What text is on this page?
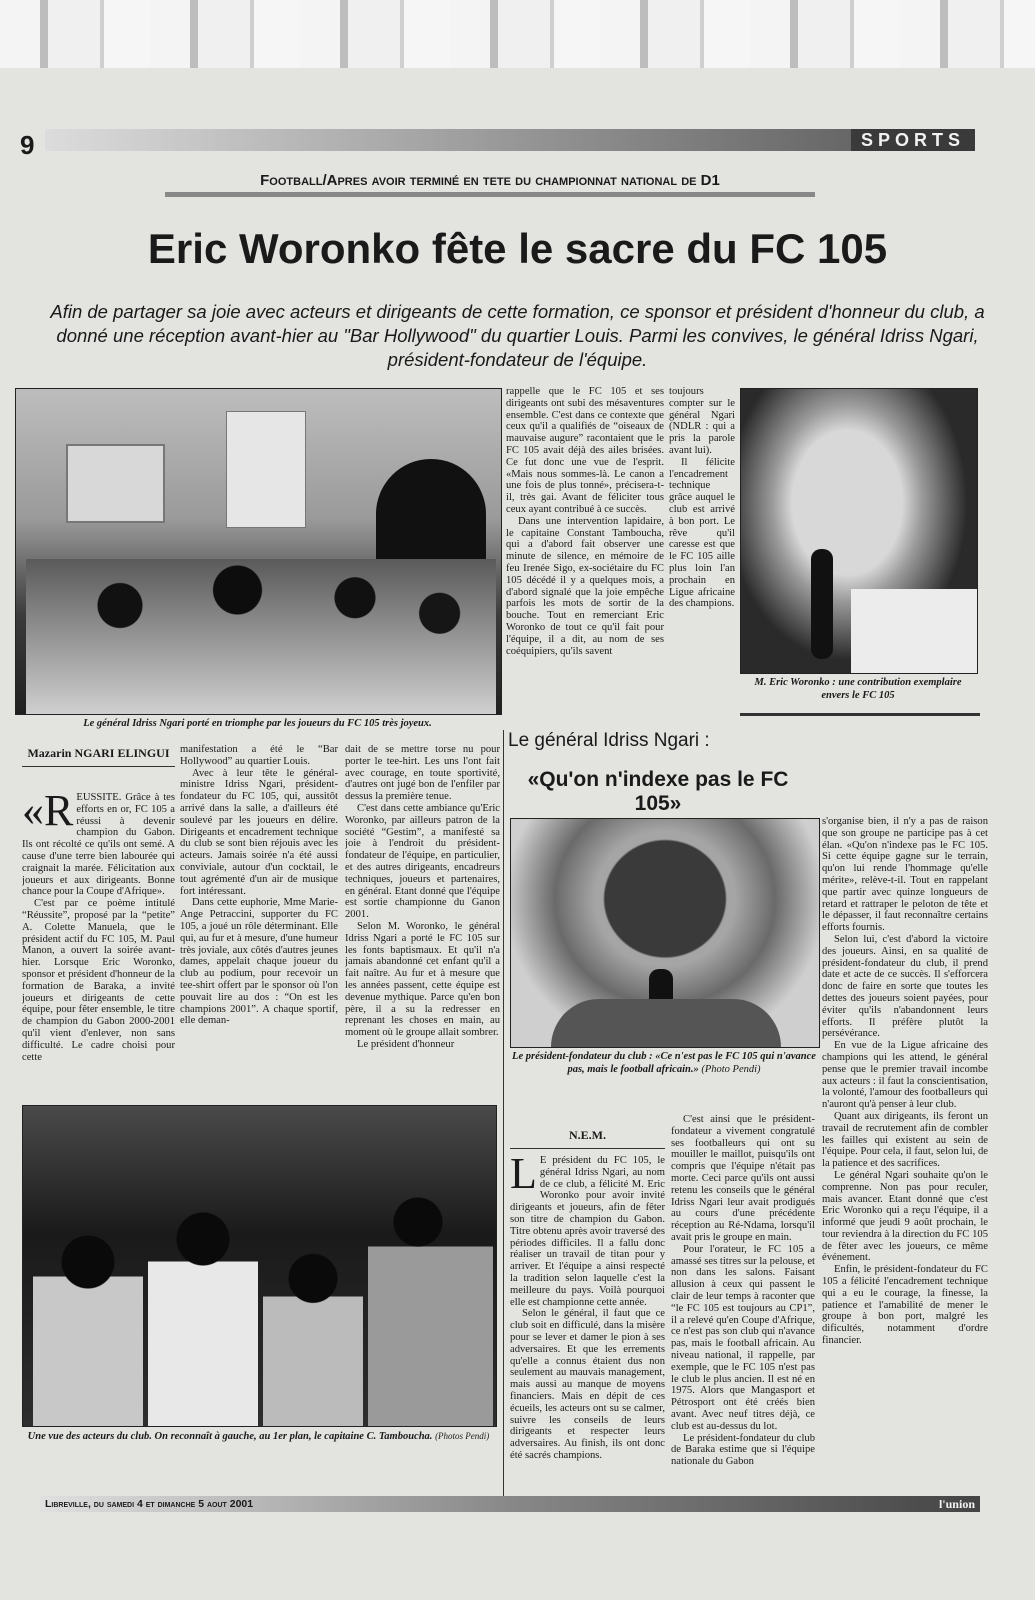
9	SPORTS
Football/Apres avoir terminé en tete du championnat national de D1
Eric Woronko fête le sacre du FC 105
Afin de partager sa joie avec acteurs et dirigeants de cette formation, ce sponsor et président d'honneur du club, a donné une réception avant-hier au "Bar Hollywood" du quartier Louis. Parmi les convives, le général Idriss Ngari, président-fondateur de l'équipe.
Le général Idriss Ngari porté en triomphe par les joueurs du FC 105 très joyeux.

rappelle que le FC 105 et ses dirigeants ont subi des mésaventures ensemble. C'est dans ce contexte que ceux qu'il a qualifiés de “oiseaux de mauvaise augure” racontaient que le FC 105 avait déjà des ailes brisées. Ce fut donc une vue de l'esprit. «Mais nous sommes-là. Le canon a une fois de plus tonné», précisera-t-il, très gai. Avant de féliciter tous ceux ayant contribué à ce succès.

Dans une intervention lapidaire, le capitaine Constant Tambouchа, qui a d'abord fait observer une minute de silence, en mémoire de feu Irenée Sigo, ex-sociétaire du FC 105 décédé il y a quelques mois, a d'abord signalé que la joie empêche parfois les mots de sortir de la bouche. Tout en remerciant Eric Woronko de tout ce qu'il fait pour l'équipe, il a dit, au nom de ses coéquipiers, qu'ils savent

toujours compter sur le général Ngari (NDLR : qui a pris la parole avant lui).

Il félicite l'encadrement technique grâce auquel le club est arrivé à bon port. Le rêve qu'il caresse est que le FC 105 aille plus loin l'an prochain en Ligue africaine des champions.

M. Eric Woronko : une contribution exemplaire envers le FC 105
Mazarin NGARI ELINGUI
«R EUSSITE. Grâce à tes efforts en or, FC 105 a réussi à devenir champion du Gabon. Ils ont récolté ce qu'ils ont semé. A cause d'une terre bien labourée qui craignait la marée. Félicitation aux joueurs et aux dirigeants. Bonne chance pour la Coupe d'Afrique».

C'est par ce poème intitulé “Réussite”, proposé par la “petite” A. Colette Manuela, que le président actif du FC 105, M. Paul Manon, a ouvert la soirée avant-hier. Lorsque Eric Woronko, sponsor et président d'honneur de la formation de Baraka, a invité joueurs et dirigeants de cette équipe, pour fêter ensemble, le titre de champion du Gabon 2000-2001 qu'il vient d'enlever, non sans difficulté. Le cadre choisi pour cette

manifestation a été le “Bar Hollywood” au quartier Louis.

Avec à leur tête le général-ministre Idriss Ngari, président-fondateur du FC 105, qui, aussitôt arrivé dans la salle, a d'ailleurs été soulevé par les joueurs en délire. Dirigeants et encadrement technique du club se sont bien réjouis avec les acteurs. Jamais soirée n'a été aussi conviviale, autour d'un cocktail, le tout agrémenté d'un air de musique fort intéressant.

Dans cette euphorie, Mme Marie-Ange Petraccini, supporter du FC 105, a joué un rôle déterminant. Elle qui, au fur et à mesure, d'une humeur très joviale, aux côtés d'autres jeunes dames, appelait chaque joueur du club au podium, pour recevoir un tee-shirt offert par le sponsor où l'on pouvait lire au dos : “On est les champions 2001”. A chaque sportif, elle deman-

dait de se mettre torse nu pour porter le tee-hirt. Les uns l'ont fait avec courage, en toute sportivité, d'autres ont jugé bon de l'enfiler par dessus la première tenue.

C'est dans cette ambiance qu'Eric Woronko, par ailleurs patron de la société “Gestim”, a manifesté sa joie à l'endroit du président-fondateur de l'équipe, en particulier, et des autres dirigeants, encadreurs techniques, joueurs et partenaires, en général. Etant donné que l'équipe est sortie championne du Ganon 2001.

Selon M. Woronko, le général Idriss Ngari a porté le FC 105 sur les fonts baptismaux. Et qu'il n'a jamais abandonné cet enfant qu'il a fait naître. Au fur et à mesure que les années passent, cette équipe est devenue mythique. Parce qu'en bon père, il a su la redresser en reprenant les choses en main, au moment où le groupe allait sombrer.

Le président d'honneur

Le général Idriss Ngari :
«Qu'on n'indexe pas le FC 105»
Le président-fondateur du club : «Ce n'est pas le FC 105 qui n'avance pas, mais le football africain.» (Photo Pendi)
N.E.M.
L E président du FC 105, le général Idriss Ngari, au nom de ce club, a félicité M. Eric Woronko pour avoir invité dirigeants et joueurs, afin de fêter son titre de champion du Gabon. Titre obtenu après avoir traversé des périodes difficiles. Il a fallu donc réaliser un travail de titan pour y arriver. Et l'équipe a ainsi respecté la tradition selon laquelle c'est la meilleure du pays. Voilà pourquoi elle est championne cette année.

Selon le général, il faut que ce club soit en difficulé, dans la misère pour se lever et damer le pion à ses adversaires. Et que les errements qu'elle a connus étaient dus non seulement au mauvais management, mais aussi au manque de moyens financiers. Mais en dépit de ces écueils, les acteurs ont su se calmer, suivre les conseils de leurs dirigeants et respecter leurs adversaires. Au finish, ils ont donc été sacrés champions.

C'est ainsi que le président-fondateur a vivement congratulé ses footballeurs qui ont su mouiller le maillot, puisqu'ils ont compris que l'équipe n'était pas morte. Ceci parce qu'ils ont aussi retenu les conseils que le général Idriss Ngari leur avait prodigués au cours d'une précédente réception au Ré-Ndama, lorsqu'il avait pris le groupe en main.

Pour l'orateur, le FC 105 a amassé ses titres sur la pelouse, et non dans les salons. Faisant allusion à ceux qui passent le clair de leur temps à raconter que “le FC 105 est toujours au CP1”, il a relevé qu'en Coupe d'Afrique, ce n'est pas son club qui n'avance pas, mais le football africain. Au niveau national, il rappelle, par exemple, que le FC 105 n'est pas le club le plus ancien. Il est né en 1975. Alors que Mangasport et Pétrosport ont été créés bien avant. Avec neuf titres déjà, ce club est au-dessus du lot.

Le président-fondateur du club de Baraka estime que si l'équipe nationale du Gabon

s'organise bien, il n'y a pas de raison que son groupe ne participe pas à cet élan. «Qu'on n'indexe pas le FC 105. Si cette équipe gagne sur le terrain, qu'on lui rende l'hommage qu'elle mérite», relève-t-il. Tout en rappelant que partir avec quinze longueurs de retard et rattraper le peloton de tête et le dépasser, il faut reconnaître certains efforts fournis.

Selon lui, c'est d'abord la victoire des joueurs. Ainsi, en sa qualité de président-fondateur du club, il prend date et acte de ce succès. Il s'efforcera donc de faire en sorte que toutes les dettes des joueurs soient payées, pour éviter qu'ils n'abandonnent leurs efforts. Il préfère plutôt la persévérance.

En vue de la Ligue africaine des champions qui les attend, le général pense que le premier travail incombe aux acteurs : il faut la conscientisation, la volonté, l'amour des footballeurs qui n'auront qu'à penser à leur club.

Quant aux dirigeants, ils feront un travail de recrutement afin de combler les failles qui existent au sein de l'équipe. Pour cela, il faut, selon lui, de la patience et des sacrifices.

Le général Ngari souhaite qu'on le comprenne. Non pas pour reculer, mais avancer. Etant donné que c'est Eric Woronko qui a reçu l'équipe, il a informé que jeudi 9 août prochain, le tour reviendra à la direction du FC 105 de fêter avec les joueurs, ce même événement.

Enfin, le président-fondateur du FC 105 a félicité l'encadrement technique qui a eu le courage, la finesse, la patience et l'amabilité de mener le groupe à bon port, malgré les dificultés, notamment d'ordre financier.

Une vue des acteurs du club. On reconnaît à gauche, au 1er plan, le capitaine C. Tambouchа. (Photos Pendi)
Libreville, du samedi 4 et dimanche 5 aout 2001	l'union
